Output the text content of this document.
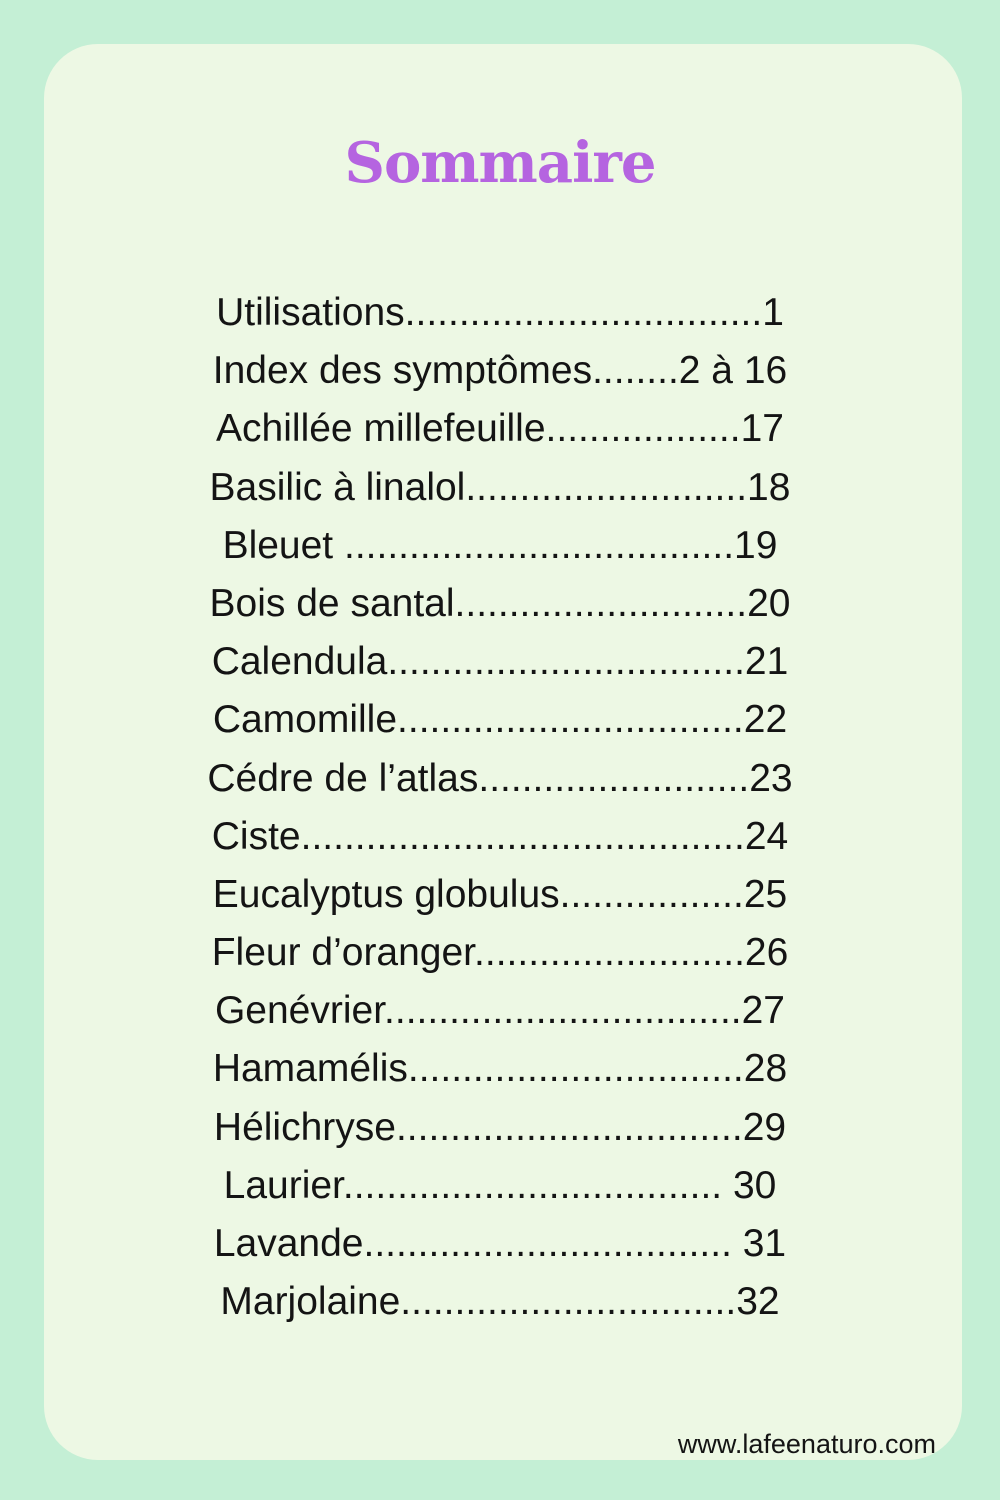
Sommaire
Utilisations.................................1
Index des symptômes........2 à 16
Achillée millefeuille..................17
Basilic à linalol..........................18
Bleuet ....................................19
Bois de santal...........................20
Calendula.................................21
Camomille................................22
Cédre de l’atlas.........................23
Ciste.........................................24
Eucalyptus globulus.................25
Fleur d’oranger.........................26
Genévrier.................................27
Hamamélis...............................28
Hélichryse................................29
Laurier................................... 30
Lavande.................................. 31
Marjolaine...............................32
www.lafeenaturo.com
